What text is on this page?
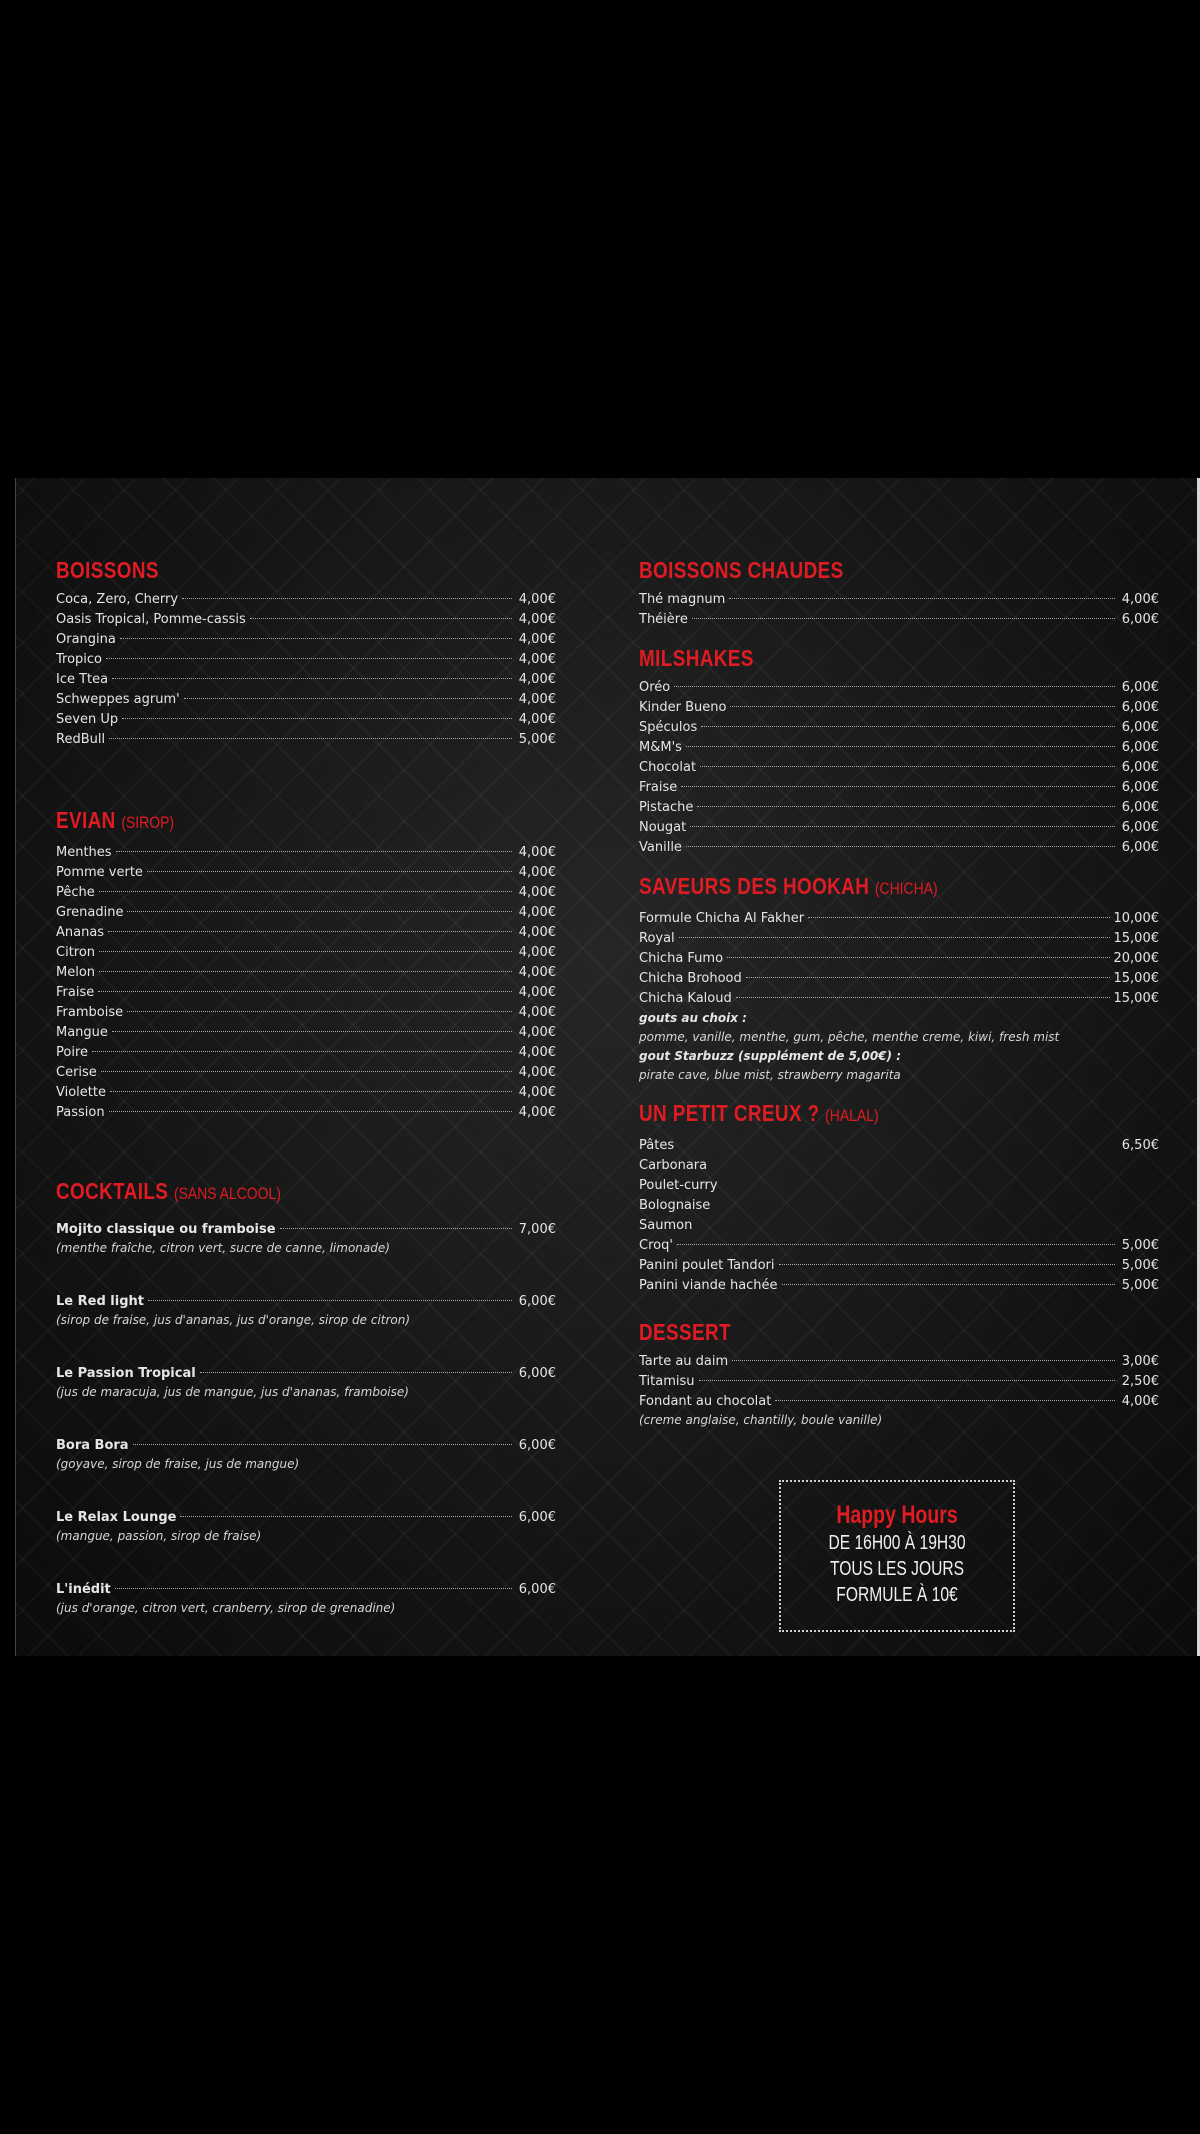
BOISSONS
Coca, Zero, Cherry	4,00€
Oasis Tropical, Pomme-cassis	4,00€
Orangina	4,00€
Tropico	4,00€
Ice Ttea	4,00€
Schweppes agrum'	4,00€
Seven Up	4,00€
RedBull	5,00€
EVIAN (SIROP)
Menthes	4,00€
Pomme verte	4,00€
Pêche	4,00€
Grenadine	4,00€
Ananas	4,00€
Citron	4,00€
Melon	4,00€
Fraise	4,00€
Framboise	4,00€
Mangue	4,00€
Poire	4,00€
Cerise	4,00€
Violette	4,00€
Passion	4,00€
COCKTAILS (SANS ALCOOL)
Mojito classique ou framboise	7,00€
(menthe fraîche, citron vert, sucre de canne, limonade)
Le Red light	6,00€
(sirop de fraise, jus d'ananas, jus d'orange, sirop de citron)
Le Passion Tropical	6,00€
(jus de maracuja, jus de mangue, jus d'ananas, framboise)
Bora Bora	6,00€
(goyave, sirop de fraise, jus de mangue)
Le Relax Lounge	6,00€
(mangue, passion, sirop de fraise)
L'inédit	6,00€
(jus d'orange, citron vert, cranberry, sirop de grenadine)
BOISSONS CHAUDES
Thé magnum	4,00€
Théière	6,00€
MILSHAKES
Oréo	6,00€
Kinder Bueno	6,00€
Spéculos	6,00€
M&M's	6,00€
Chocolat	6,00€
Fraise	6,00€
Pistache	6,00€
Nougat	6,00€
Vanille	6,00€
SAVEURS DES HOOKAH (CHICHA)
Formule Chicha Al Fakher	10,00€
Royal	15,00€
Chicha Fumo	20,00€
Chicha Brohood	15,00€
Chicha Kaloud	15,00€
gouts au choix :
pomme, vanille, menthe, gum, pêche, menthe creme, kiwi, fresh mist
gout Starbuzz (supplément de 5,00€) :
pirate cave, blue mist, strawberry magarita
UN PETIT CREUX ? (HALAL)
Pâtes	6,50€
Carbonara
Poulet-curry
Bolognaise
Saumon
Croq'	5,00€
Panini poulet Tandori	5,00€
Panini viande hachée	5,00€
DESSERT
Tarte au daim	3,00€
Titamisu	2,50€
Fondant au chocolat	4,00€
(creme anglaise, chantilly, boule vanille)
Happy Hours
DE 16H00 À 19H30
TOUS LES JOURS
FORMULE À 10€
